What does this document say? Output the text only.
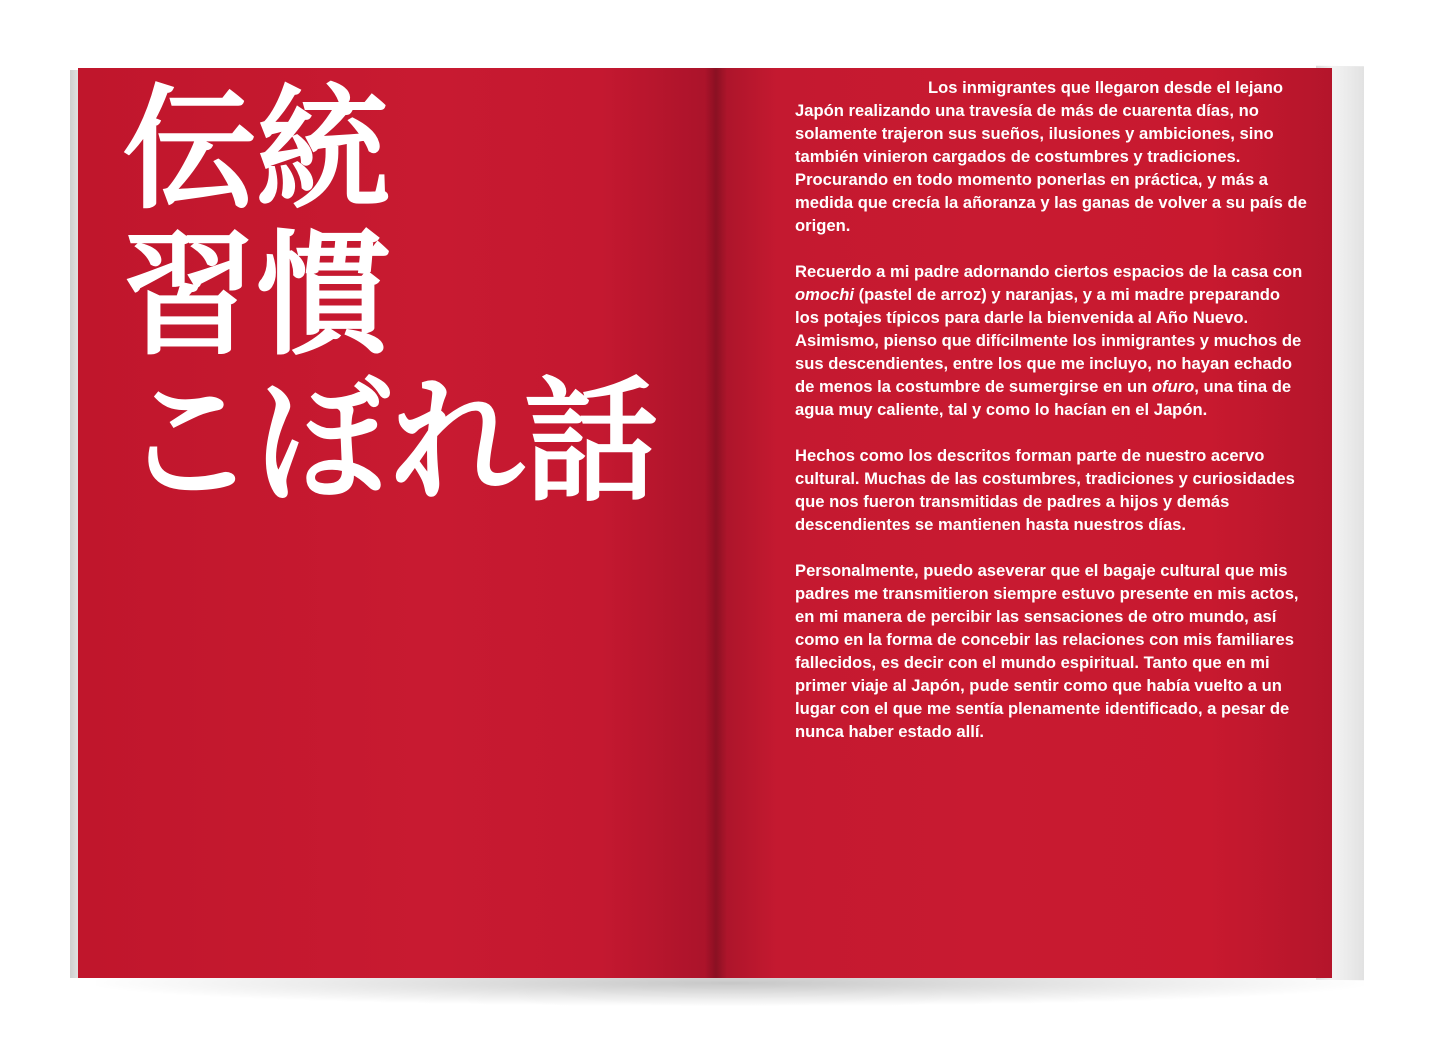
伝統
習慣
こぼれ話

Los inmigrantes que llegaron desde el lejano Japón realizando una travesía de más de cuarenta días, no solamente trajeron sus sueños, ilusiones y ambiciones, sino también vinieron cargados de costumbres y tradiciones. Procurando en todo momento ponerlas en práctica, y más a medida que crecía la añoranza y las ganas de volver a su país de origen.

Recuerdo a mi padre adornando ciertos espacios de la casa con omochi (pastel de arroz) y naranjas, y a mi madre preparando los potajes típicos para darle la bienvenida al Año Nuevo. Asimismo, pienso que difícilmente los inmigrantes y muchos de sus descendientes, entre los que me incluyo, no hayan echado de menos la costumbre de sumergirse en un ofuro, una tina de agua muy caliente, tal y como lo hacían en el Japón.

Hechos como los descritos forman parte de nuestro acervo cultural. Muchas de las costumbres, tradiciones y curiosidades que nos fueron transmitidas de padres a hijos y demás descendientes se mantienen hasta nuestros días.

Personalmente, puedo aseverar que el bagaje cultural que mis padres me transmitieron siempre estuvo presente en mis actos, en mi manera de percibir las sensaciones de otro mundo, así como en la forma de concebir las relaciones con mis familiares fallecidos, es decir con el mundo espiritual. Tanto que en mi primer viaje al Japón, pude sentir como que había vuelto a un lugar con el que me sentía plenamente identificado, a pesar de nunca haber estado allí.
